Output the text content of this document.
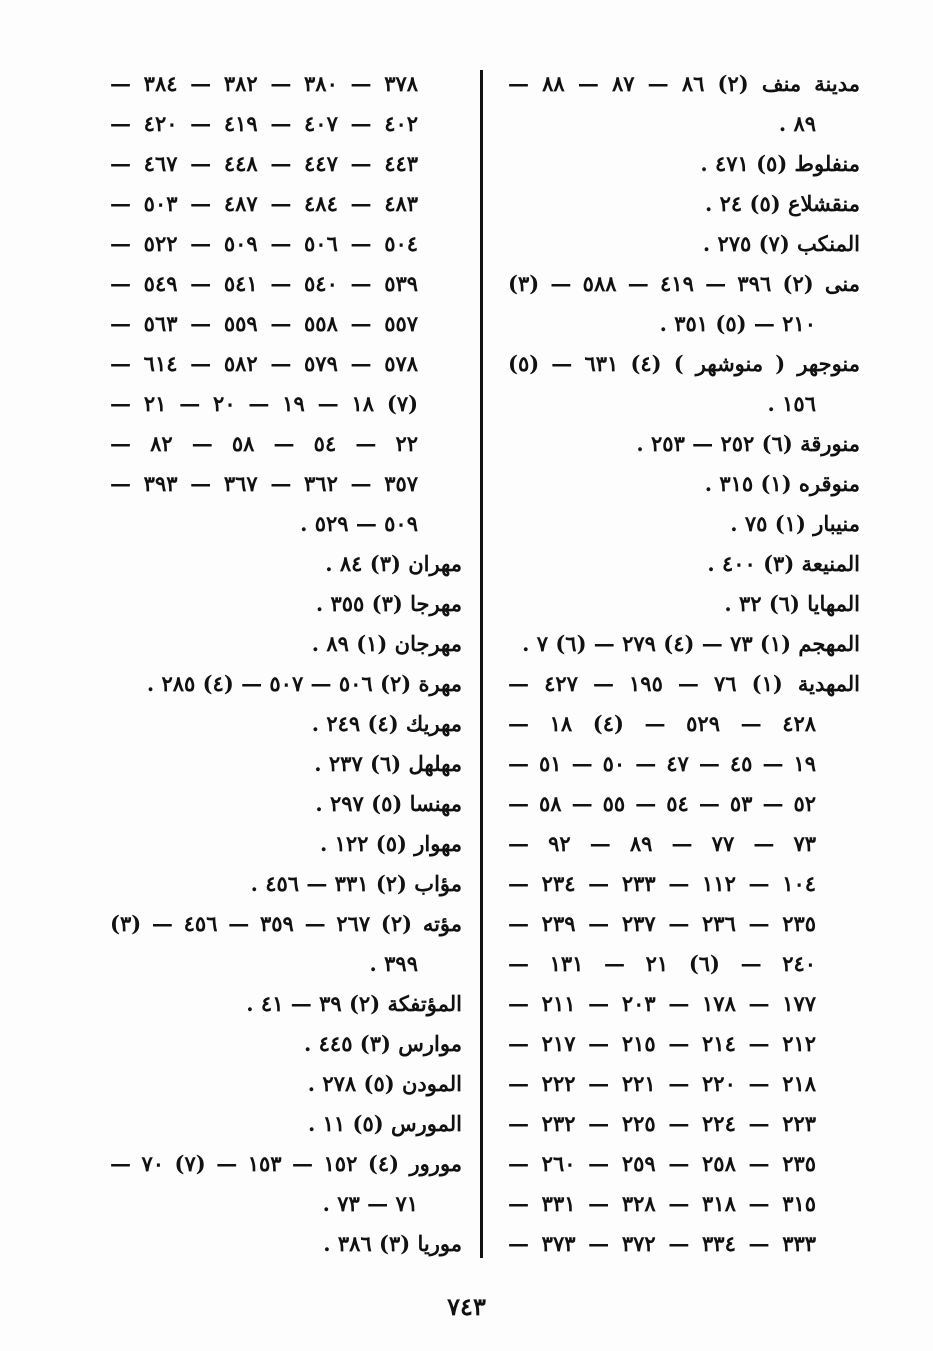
مدينة منف (٢) ٨٦ — ٨٧ — ٨٨ —
٨٩ .
منفلوط (٥) ٤٧١ .
منقشلاع (٥) ٢٤ .
المنكب (٧) ٢٧٥ .
منى (٢) ٣٩٦ — ٤١٩ — ٥٨٨ — (٣)
٢١٠ — (٥) ٣٥١ .
منوجهر ( منوشهر ) (٤) ٦٣١ — (٥)
١٥٦ .
منورقة (٦) ٢٥٢ — ٢٥٣ .
منوقره (١) ٣١٥ .
منيبار (١) ٧٥ .
المنيعة (٣) ٤٠٠ .
المهايا (٦) ٣٢ .
المهجم (١) ٧٣ — (٤) ٢٧٩ — (٦) ٧ .
المهدية (١) ٧٦ — ١٩٥ — ٤٢٧ —
٤٢٨ — ٥٢٩ — (٤) ١٨ —
١٩ — ٤٥ — ٤٧ — ٥٠ — ٥١ —
٥٢ — ٥٣ — ٥٤ — ٥٥ — ٥٨ —
٧٣ — ٧٧ — ٨٩ — ٩٢ —
١٠٤ — ١١٢ — ٢٣٣ — ٢٣٤ —
٢٣٥ — ٢٣٦ — ٢٣٧ — ٢٣٩ —
٢٤٠ — (٦) ٢١ — ١٣١ —
١٧٧ — ١٧٨ — ٢٠٣ — ٢١١ —
٢١٢ — ٢١٤ — ٢١٥ — ٢١٧ —
٢١٨ — ٢٢٠ — ٢٢١ — ٢٢٢ —
٢٢٣ — ٢٢٤ — ٢٢٥ — ٢٣٢ —
٢٣٥ — ٢٥٨ — ٢٥٩ — ٢٦٠ —
٣١٥ — ٣١٨ — ٣٢٨ — ٣٣١ —
٣٣٣ — ٣٣٤ — ٣٧٢ — ٣٧٣ —
٣٧٨ — ٣٨٠ — ٣٨٢ — ٣٨٤ —
٤٠٢ — ٤٠٧ — ٤١٩ — ٤٢٠ —
٤٤٣ — ٤٤٧ — ٤٤٨ — ٤٦٧ —
٤٨٣ — ٤٨٤ — ٤٨٧ — ٥٠٣ —
٥٠٤ — ٥٠٦ — ٥٠٩ — ٥٢٢ —
٥٣٩ — ٥٤٠ — ٥٤١ — ٥٤٩ —
٥٥٧ — ٥٥٨ — ٥٥٩ — ٥٦٣ —
٥٧٨ — ٥٧٩ — ٥٨٢ — ٦١٤ —
(٧) ١٨ — ١٩ — ٢٠ — ٢١ —
٢٢ — ٥٤ — ٥٨ — ٨٢ —
٣٥٧ — ٣٦٢ — ٣٦٧ — ٣٩٣ —
٥٠٩ — ٥٢٩ .
مهران (٣) ٨٤ .
مهرجا (٣) ٣٥٥ .
مهرجان (١) ٨٩ .
مهرة (٢) ٥٠٦ — ٥٠٧ — (٤) ٢٨٥ .
مهريك (٤) ٢٤٩ .
مهلهل (٦) ٢٣٧ .
مهنسا (٥) ٢٩٧ .
مهوار (٥) ١٢٢ .
مؤاب (٢) ٣٣١ — ٤٥٦ .
مؤته (٢) ٢٦٧ — ٣٥٩ — ٤٥٦ — (٣)
٣٩٩ .
المؤتفكة (٢) ٣٩ — ٤١ .
موارس (٣) ٤٤٥ .
المودن (٥) ٢٧٨ .
المورس (٥) ١١ .
مورور (٤) ١٥٢ — ١٥٣ — (٧) ٧٠ —
٧١ — ٧٣ .
موريا (٣) ٣٨٦ .
٧٤٣
